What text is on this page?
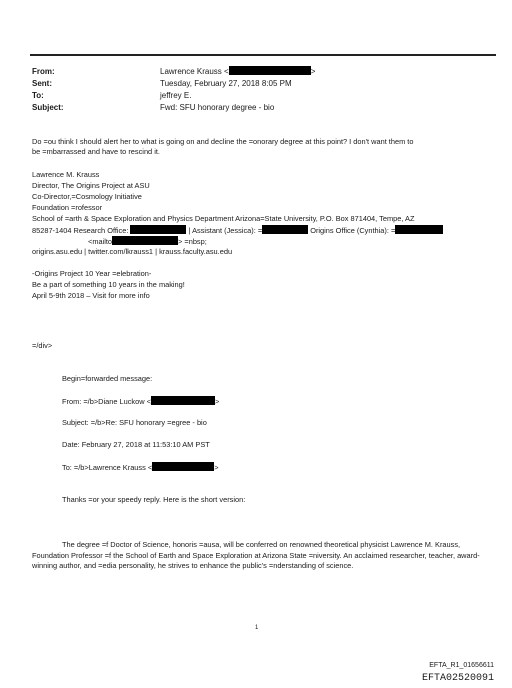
From:	Lawrence Krauss <	>
Sent:	Tuesday, February 27, 2018 8:05 PM
To:	jeffrey E.
Subject:	Fwd: SFU honorary degree - bio
Do =ou think I should alert her to what is going on and decline the =onorary degree at this point? I don't want them to
be =mbarrassed and have to rescind it.
Lawrence M. Krauss
Director, The Origins Project at ASU
Co-Director,=Cosmology Initiative
Foundation =rofessor
School of =arth & Space Exploration and Physics Department Arizona=State University, P.O. Box 871404, Tempe, AZ
85287-1404 Research Office:	| Assistant (Jessica): =	Origins Office (Cynthia): =
<mailto	> =nbsp;
origins.asu.edu | twitter.com/lkrauss1 | krauss.faculty.asu.edu
-Origins Project 10 Year =elebration-
Be a part of something 10 years in the making!
April 5-9th 2018 – Visit for more info
=/div>
Begin=forwarded message:
From: =/b>Diane Luckow <	>
Subject: =/b>Re: SFU honorary =egree - bio
Date: February 27, 2018 at 11:53:10 AM PST
To: =/b>Lawrence Krauss <	>
Thanks =or your speedy reply. Here is the short version:
The degree =f Doctor of Science, honoris =ausa, will be conferred on renowned theoretical physicist Lawrence M. Krauss, Foundation Professor =f the School of Earth and Space Exploration at Arizona State =niversity. An acclaimed researcher, teacher, award-winning author, and =edia personality, he strives to enhance the public's =nderstanding of science.
1
EFTA_R1_01656611
EFTA02520091
